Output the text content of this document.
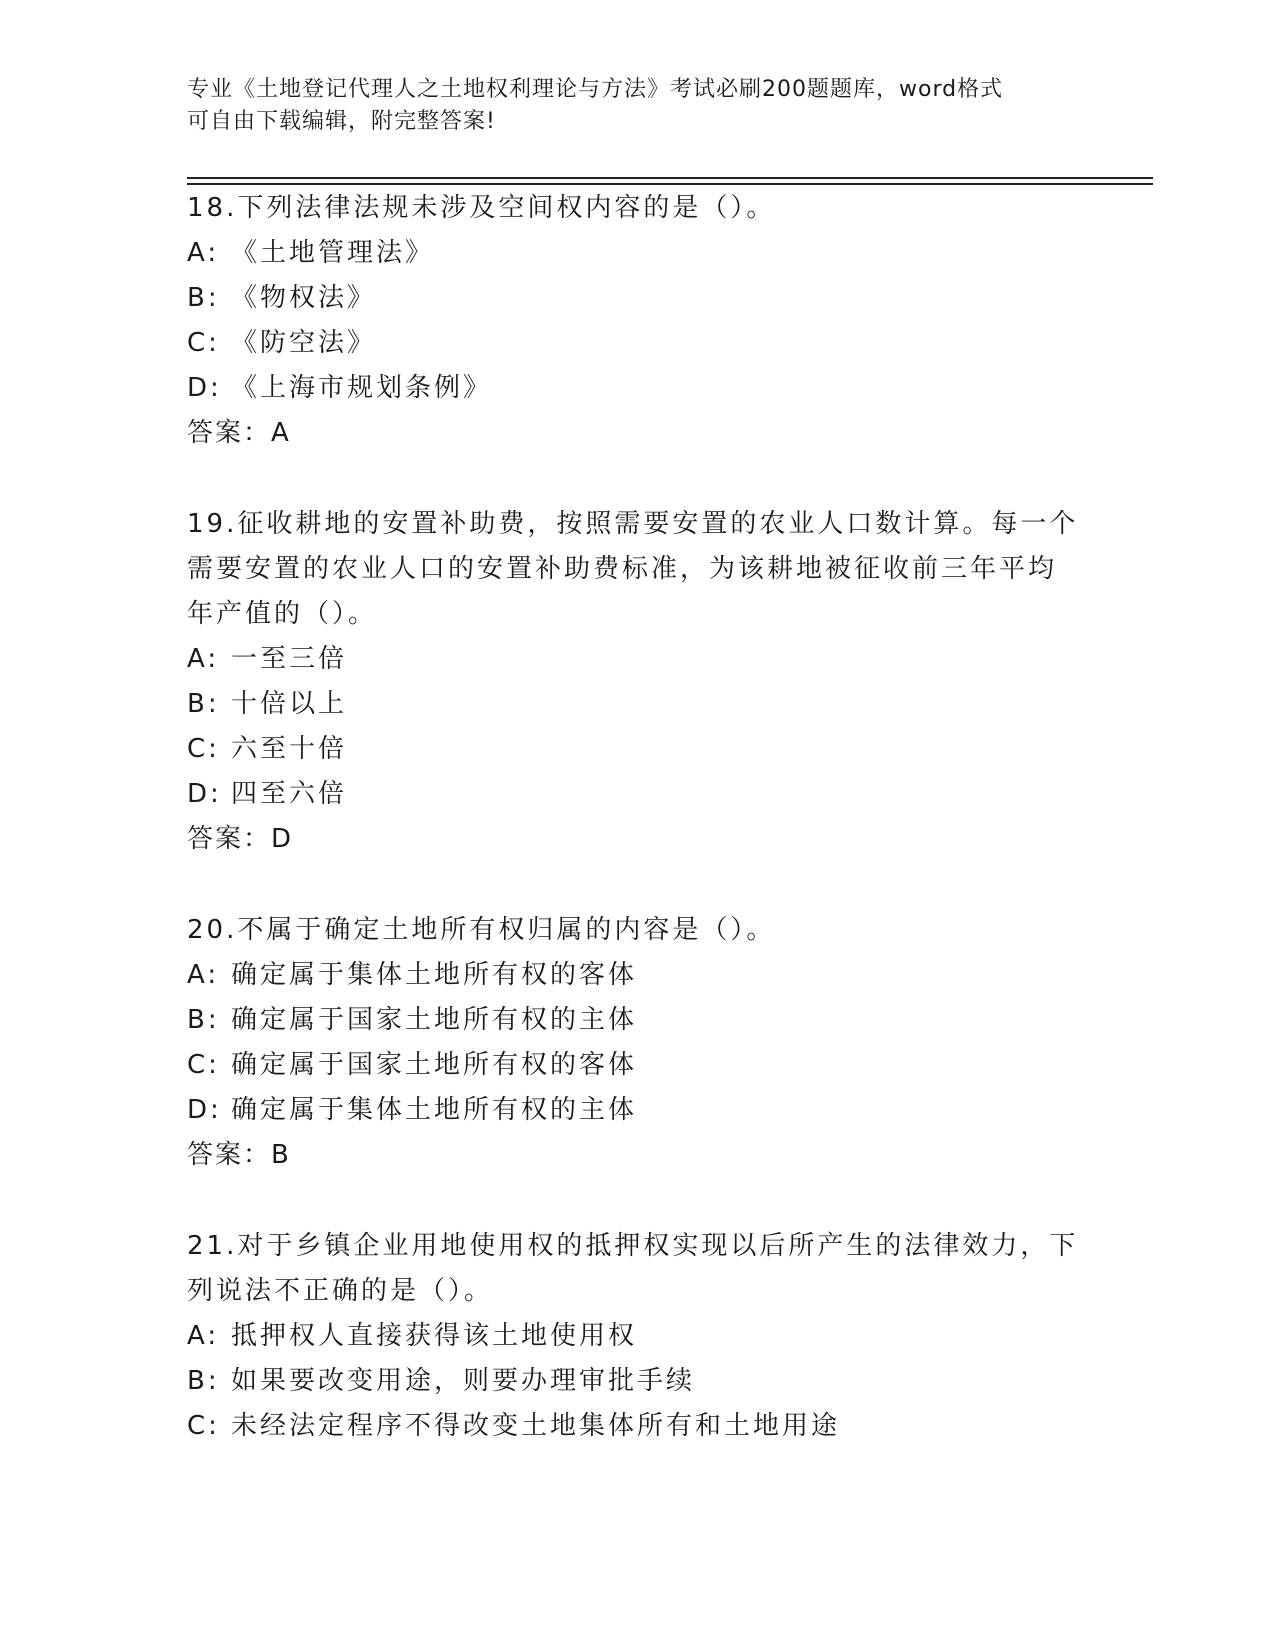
专业《土地登记代理人之土地权利理论与方法》考试必刷200题题库，word格式
可自由下载编辑，附完整答案!
18.下列法律法规未涉及空间权内容的是（）。
A: 《土地管理法》
B: 《物权法》
C: 《防空法》
D: 《上海市规划条例》
答案：A
19.征收耕地的安置补助费，按照需要安置的农业人口数计算。每一个
需要安置的农业人口的安置补助费标准，为该耕地被征收前三年平均
年产值的（）。
A: 一至三倍
B: 十倍以上
C: 六至十倍
D: 四至六倍
答案：D
20.不属于确定土地所有权归属的内容是（）。
A: 确定属于集体土地所有权的客体
B: 确定属于国家土地所有权的主体
C: 确定属于国家土地所有权的客体
D: 确定属于集体土地所有权的主体
答案：B
21.对于乡镇企业用地使用权的抵押权实现以后所产生的法律效力，下
列说法不正确的是（）。
A: 抵押权人直接获得该土地使用权
B: 如果要改变用途，则要办理审批手续
C: 未经法定程序不得改变土地集体所有和土地用途
